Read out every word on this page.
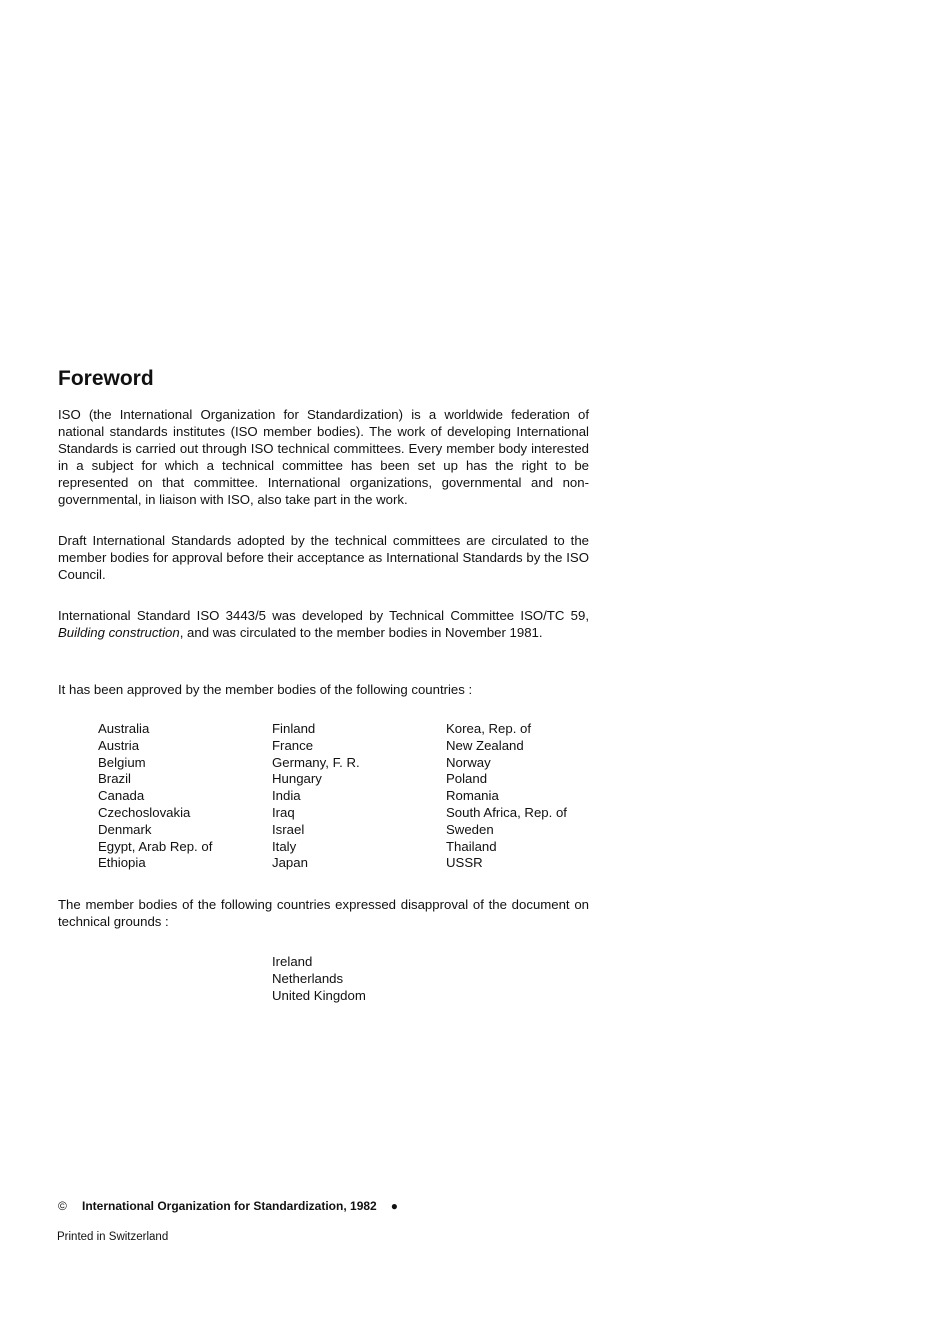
Foreword

ISO (the International Organization for Standardization) is a worldwide federation of national standards institutes (ISO member bodies). The work of developing International Standards is carried out through ISO technical committees. Every member body interested in a subject for which a technical committee has been set up has the right to be represented on that committee. International organizations, governmental and non-governmental, in liaison with ISO, also take part in the work.

Draft International Standards adopted by the technical committees are circulated to the member bodies for approval before their acceptance as International Standards by the ISO Council.

International Standard ISO 3443/5 was developed by Technical Committee ISO/TC 59, Building construction, and was circulated to the member bodies in November 1981.

It has been approved by the member bodies of the following countries :

Australia
Austria
Belgium
Brazil
Canada
Czechoslovakia
Denmark
Egypt, Arab Rep. of
Ethiopia
Finland
France
Germany, F. R.
Hungary
India
Iraq
Israel
Italy
Japan
Korea, Rep. of
New Zealand
Norway
Poland
Romania
South Africa, Rep. of
Sweden
Thailand
USSR

The member bodies of the following countries expressed disapproval of the document on technical grounds :

Ireland
Netherlands
United Kingdom
© International Organization for Standardization, 1982 ●
Printed in Switzerland
